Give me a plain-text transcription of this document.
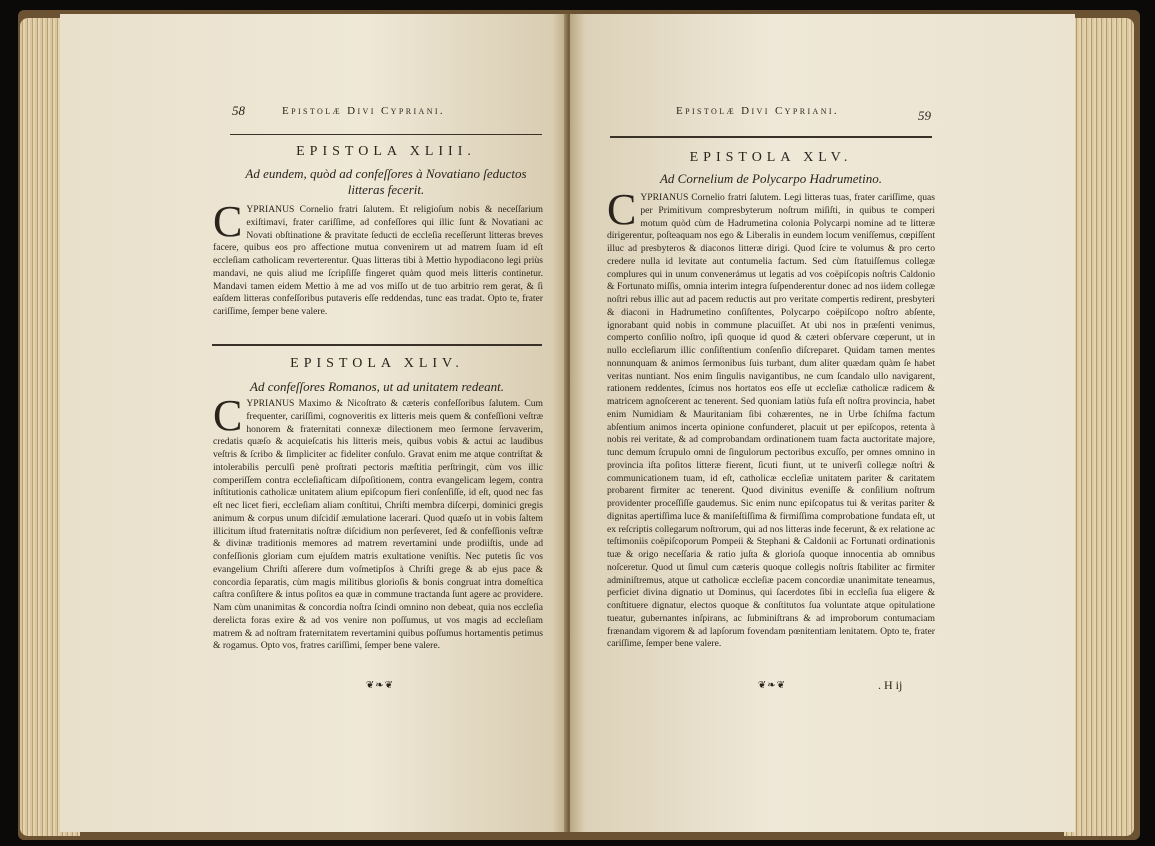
58	Epistolæ Divi Cypriani.
EPISTOLA XLIII.
Ad eundem, quòd ad confeſſores à Novatiano ſeductos litteras fecerit.
CYPRIANUS Cornelio fratri ſalutem. Et religioſum nobis & neceſſarium exiſtimavi, frater cariſſime, ad confeſſores qui illic ſunt & Novatiani ac Novati obſtinatione & pravitate ſeducti de eccleſia receſſerunt litteras breves facere, quibus eos pro affectione mutua convenirem ut ad matrem ſuam id eſt eccleſiam catholicam reverterentur. Quas litteras tibi à Mettio hypodiacono legi priùs mandavi, ne quis aliud me ſcripſiſſe fingeret quàm quod meis litteris continetur. Mandavi tamen eidem Mettio à me ad vos miſſo ut de tuo arbitrio rem gerat, & ſi eaſdem litteras confeſſoribus putaveris eſſe reddendas, tunc eas tradat. Opto te, frater cariſſime, ſemper bene valere.
EPISTOLA XLIV.
Ad confeſſores Romanos, ut ad unitatem redeant.
CYPRIANUS Maximo & Nicoſtrato & cæteris confeſſoribus ſalutem. Cum frequenter, cariſſimi, cognoveritis ex litteris meis quem & confeſſioni veſtræ honorem & fraternitati connexæ dilectionem meo ſermone ſervaverim, credatis quæſo & acquieſcatis his litteris meis, quibus vobis & actui ac laudibus veſtris & ſcribo & ſimpliciter ac fideliter conſulo. Gravat enim me atque contriſtat & intolerabilis perculſi penè proſtrati pectoris mæſtitia perſtringit, cùm vos illic comperiſſem contra eccleſiaſticam diſpoſitionem, contra evangelicam legem, contra inſtitutionis catholicæ unitatem alium epiſcopum fieri conſenſiſſe, id eſt, quod nec fas eſt nec licet fieri, eccleſiam aliam conſtitui, Chriſti membra diſcerpi, dominici gregis animum & corpus unum diſcidiſ æmulatione lacerari. Quod quæſo ut in vobis ſaltem illicitum iſtud fraternitatis noſtræ diſcidium non perſeveret, ſed & confeſſionis veſtræ & divinæ traditionis memores ad matrem revertamini unde prodiiſtis, unde ad confeſſionis gloriam cum ejuſdem matris exultatione veniſtis. Nec putetis ſic vos evangelium Chriſti aſſerere dum voſmetipſos à Chriſti grege & ab ejus pace & concordia ſeparatis, cùm magis militibus glorioſis & bonis congruat intra domeſtica caſtra conſiſtere & intus poſitos ea quæ in commune tractanda ſunt agere ac providere. Nam cùm unanimitas & concordia noſtra ſcindi omnino non debeat, quia nos eccleſia derelicta foras exire & ad vos venire non poſſumus, ut vos magis ad eccleſiam matrem & ad noſtram fraternitatem revertamini quibus poſſumus hortamentis petimus & rogamus. Opto vos, fratres cariſſimi, ſemper bene valere.
❦❧❦
Epistolæ Divi Cypriani.	59
EPISTOLA XLV.
Ad Cornelium de Polycarpo Hadrumetino.
CYPRIANUS Cornelio fratri ſalutem. Legi litteras tuas, frater cariſſime, quas per Primitivum compresbyterum noſtrum miſiſti, in quibus te comperi motum quòd cùm de Hadrumetina colonia Polycarpi nomine ad te litteræ dirigerentur, poſteaquam nos ego & Liberalis in eundem locum veniſſemus, cœpiſſent illuc ad presbyteros & diaconos litteræ dirigi. Quod ſcire te volumus & pro certo credere nulla id levitate aut contumelia factum. Sed cùm ſtatuiſſemus collegæ complures qui in unum convenerámus ut legatis ad vos coëpiſcopis noſtris Caldonio & Fortunato miſſis, omnia interim integra ſuſpenderentur donec ad nos iidem collegæ noſtri rebus illic aut ad pacem reductis aut pro veritate compertis redirent, presbyteri & diaconi in Hadrumetino conſiſtentes, Polycarpo coëpiſcopo noſtro abſente, ignorabant quid nobis in commune placuiſſet. At ubi nos in præſenti venimus, comperto conſilio noſtro, ipſi quoque id quod & cæteri obſervare cœperunt, ut in nullo eccleſiarum illic conſiſtentium conſenſio diſcreparet. Quidam tamen mentes nonnunquam & animos ſermonibus ſuis turbant, dum aliter quædam quàm ſe habet veritas nuntiant. Nos enim ſingulis navigantibus, ne cum ſcandalo ullo navigarent, rationem reddentes, ſcimus nos hortatos eos eſſe ut eccleſiæ catholicæ radicem & matricem agnoſcerent ac tenerent. Sed quoniam latiùs fuſa eſt noſtra provincia, habet enim Numidiam & Mauritaniam ſibi cohærentes, ne in Urbe ſchiſma factum abſentium animos incerta opinione confunderet, placuit ut per epiſcopos, retenta à nobis rei veritate, & ad comprobandam ordinationem tuam facta auctoritate majore, tunc demum ſcrupulo omni de ſingulorum pectoribus excuſſo, per omnes omnino in provincia iſta poſitos litteræ fierent, ſicuti fiunt, ut te univerſi collegæ noſtri & communicationem tuam, id eſt, catholicæ eccleſiæ unitatem pariter & caritatem probarent firmiter ac tenerent. Quod divinitus eveniſſe & conſilium noſtrum providenter proceſſiſſe gaudemus. Sic enim nunc epiſcopatus tui & veritas pariter & dignitas apertiſſima luce & maniſeſtiſſima & firmiſſima comprobatione fundata eſt, ut ex reſcriptis collegarum noſtrorum, qui ad nos litteras inde fecerunt, & ex relatione ac teſtimoniis coëpiſcoporum Pompeii & Stephani & Caldonii ac Fortunati ordinationis tuæ & origo neceſſaria & ratio juſta & glorioſa quoque innocentia ab omnibus noſceretur. Quod ut ſimul cum cæteris quoque collegis noſtris ſtabiliter ac firmiter adminiſtremus, atque ut catholicæ eccleſiæ pacem concordiæ unanimitate teneamus, perficiet divina dignatio ut Dominus, qui ſacerdotes ſibi in eccleſia ſua eligere & conſtituere dignatur, electos quoque & conſtitutos ſua voluntate atque opitulatione tueatur, gubernantes inſpirans, ac ſubminiſtrans & ad improborum contumaciam frænandam vigorem & ad lapſorum fovendam pœnitentiam lenitatem. Opto te, frater cariſſime, ſemper bene valere.
❦❧❦	. H ij
